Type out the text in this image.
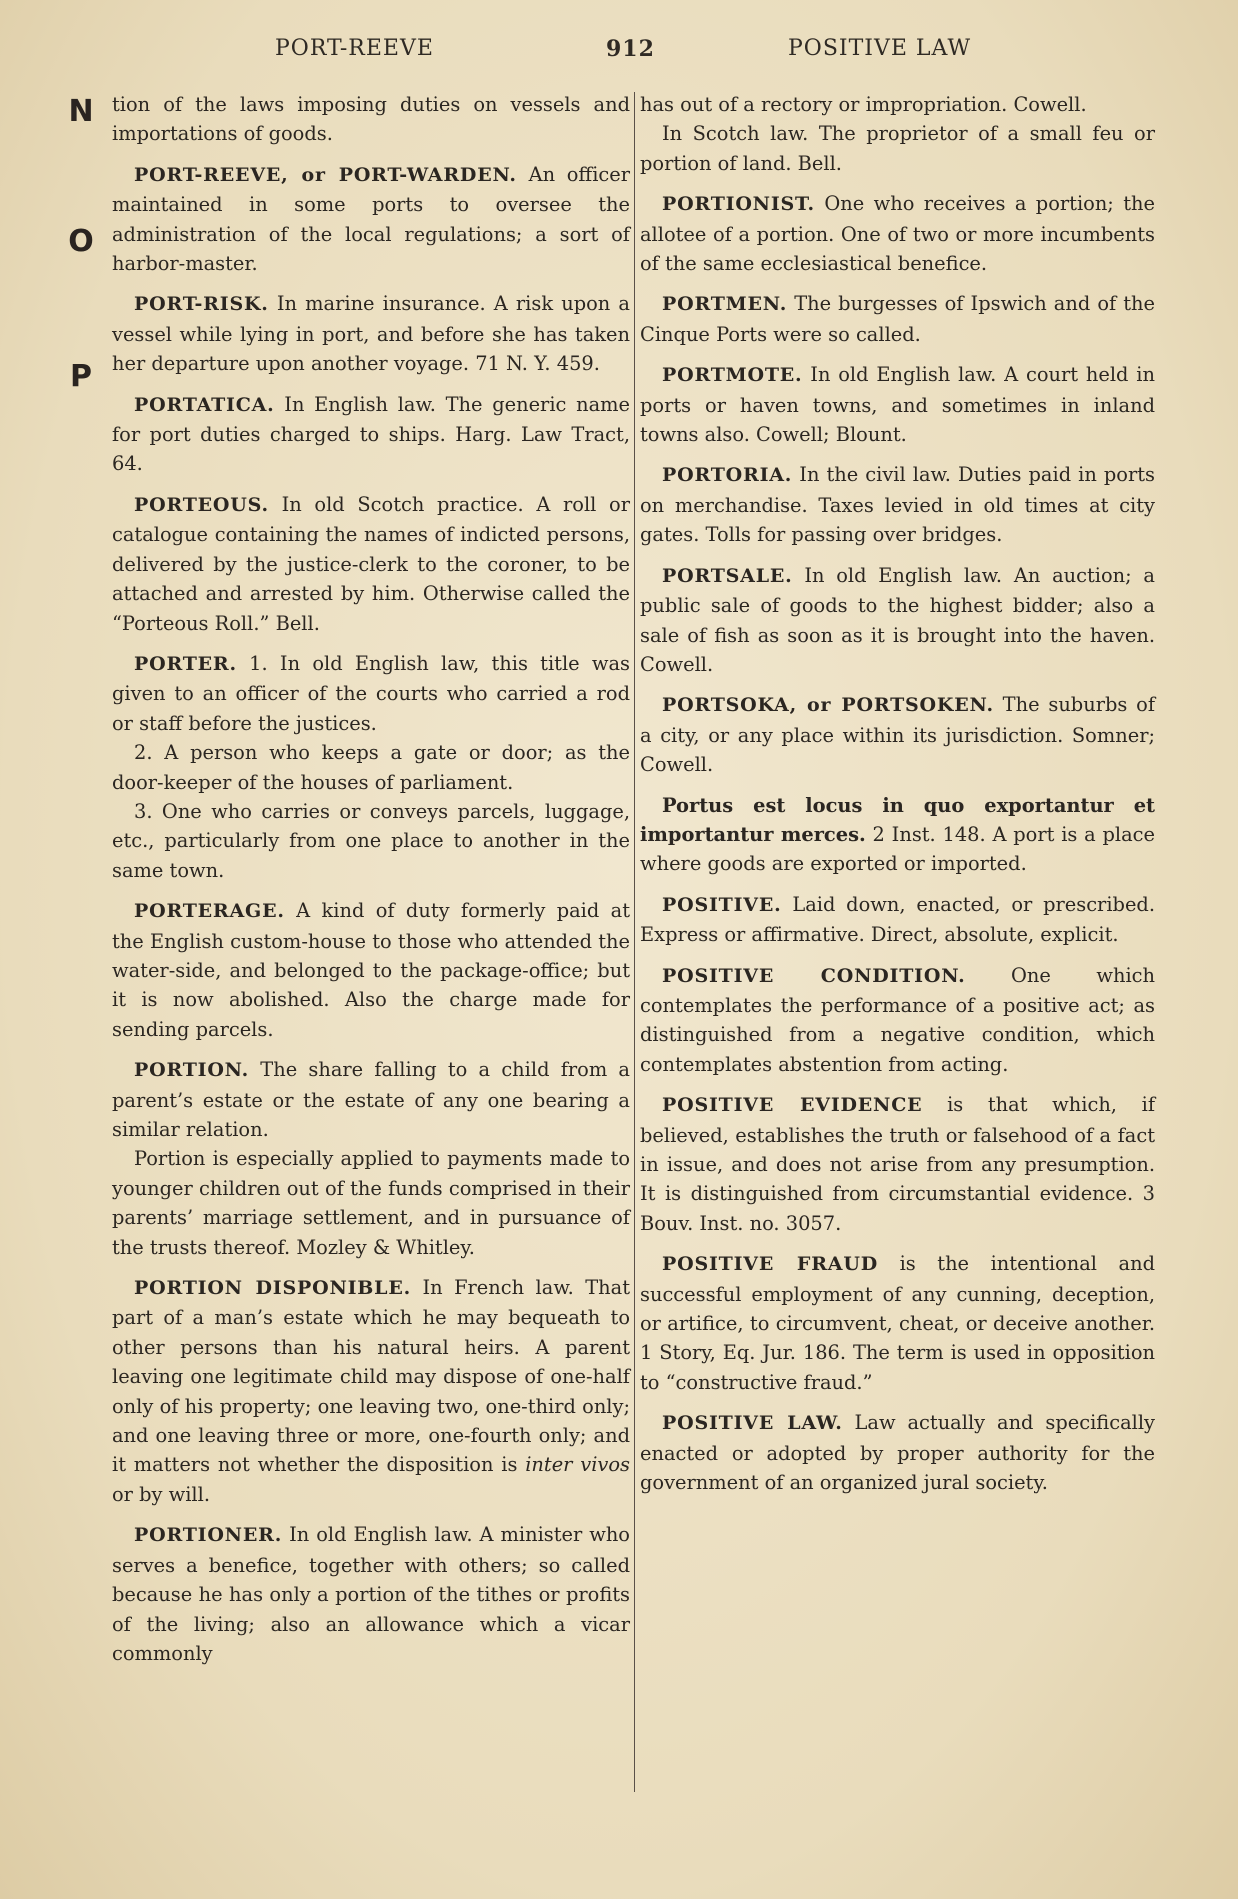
PORT-REEVE	912	POSITIVE LAW
N
O
P

tion of the laws imposing duties on vessels and importations of goods.

PORT-REEVE, or PORT-WARDEN. An officer maintained in some ports to oversee the administration of the local regulations; a sort of harbor-master.

PORT-RISK. In marine insurance. A risk upon a vessel while lying in port, and before she has taken her departure upon another voyage. 71 N. Y. 459.

PORTATICA. In English law. The generic name for port duties charged to ships. Harg. Law Tract, 64.

PORTEOUS. In old Scotch practice. A roll or catalogue containing the names of indicted persons, delivered by the justice-clerk to the coroner, to be attached and arrested by him. Otherwise called the “Porteous Roll.” Bell.

PORTER. 1. In old English law, this title was given to an officer of the courts who carried a rod or staff before the justices.

2. A person who keeps a gate or door; as the door-keeper of the houses of parliament.

3. One who carries or conveys parcels, luggage, etc., particularly from one place to another in the same town.

PORTERAGE. A kind of duty formerly paid at the English custom-house to those who attended the water-side, and belonged to the package-office; but it is now abolished. Also the charge made for sending parcels.

PORTION. The share falling to a child from a parent’s estate or the estate of any one bearing a similar relation.

Portion is especially applied to payments made to younger children out of the funds comprised in their parents’ marriage settlement, and in pursuance of the trusts thereof. Mozley & Whitley.

PORTION DISPONIBLE. In French law. That part of a man’s estate which he may bequeath to other persons than his natural heirs. A parent leaving one legitimate child may dispose of one-half only of his property; one leaving two, one-third only; and one leaving three or more, one-fourth only; and it matters not whether the disposition is inter vivos or by will.

PORTIONER. In old English law. A minister who serves a benefice, together with others; so called because he has only a portion of the tithes or profits of the living; also an allowance which a vicar commonly

has out of a rectory or impropriation. Cowell.

In Scotch law. The proprietor of a small feu or portion of land. Bell.

PORTIONIST. One who receives a portion; the allotee of a portion. One of two or more incumbents of the same ecclesiastical benefice.

PORTMEN. The burgesses of Ipswich and of the Cinque Ports were so called.

PORTMOTE. In old English law. A court held in ports or haven towns, and sometimes in inland towns also. Cowell; Blount.

PORTORIA. In the civil law. Duties paid in ports on merchandise. Taxes levied in old times at city gates. Tolls for passing over bridges.

PORTSALE. In old English law. An auction; a public sale of goods to the highest bidder; also a sale of fish as soon as it is brought into the haven. Cowell.

PORTSOKA, or PORTSOKEN. The suburbs of a city, or any place within its jurisdiction. Somner; Cowell.

Portus est locus in quo exportantur et importantur merces. 2 Inst. 148. A port is a place where goods are exported or imported.

POSITIVE. Laid down, enacted, or prescribed. Express or affirmative. Direct, absolute, explicit.

POSITIVE CONDITION. One which contemplates the performance of a positive act; as distinguished from a negative condition, which contemplates abstention from acting.

POSITIVE EVIDENCE is that which, if believed, establishes the truth or falsehood of a fact in issue, and does not arise from any presumption. It is distinguished from circumstantial evidence. 3 Bouv. Inst. no. 3057.

POSITIVE FRAUD is the intentional and successful employment of any cunning, deception, or artifice, to circumvent, cheat, or deceive another. 1 Story, Eq. Jur. 186. The term is used in opposition to “constructive fraud.”

POSITIVE LAW. Law actually and specifically enacted or adopted by proper authority for the government of an organized jural society.
